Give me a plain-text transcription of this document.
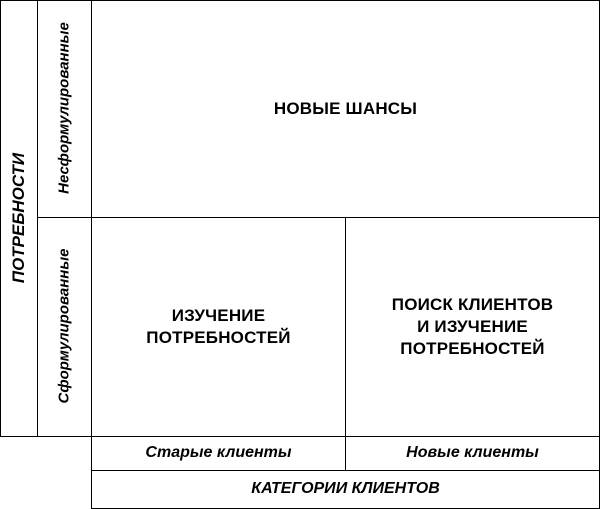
ПОТРЕБНОСТИ
Несформулированные
Сформулированные
НОВЫЕ ШАНСЫ
ИЗУЧЕНИЕ
ПОТРЕБНОСТЕЙ
ПОИСК КЛИЕНТОВ
И ИЗУЧЕНИЕ
ПОТРЕБНОСТЕЙ
Старые клиенты	Новые клиенты
КАТЕГОРИИ КЛИЕНТОВ
